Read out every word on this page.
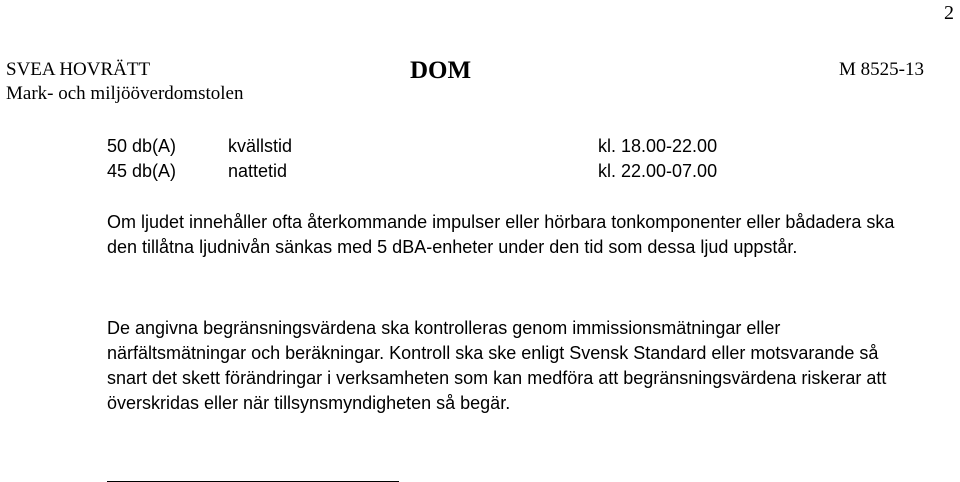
2
SVEA HOVRÄTT
Mark- och miljööverdomstolen
DOM	M 8525-13
50 db(A)	kvällstid	kl. 18.00-22.00
45 db(A)	nattetid	kl. 22.00-07.00

Om ljudet innehåller ofta återkommande impulser eller hörbara tonkomponenter eller bådadera ska den tillåtna ljudnivån sänkas med 5 dBA-enheter under den tid som dessa ljud uppstår.

De angivna begränsningsvärdena ska kontrolleras genom immissionsmätningar eller närfältsmätningar och beräkningar. Kontroll ska ske enligt Svensk Standard eller motsvarande så snart det skett förändringar i verksamheten som kan medföra att begränsningsvärdena riskerar att överskridas eller när tillsynsmyndigheten så begär.
